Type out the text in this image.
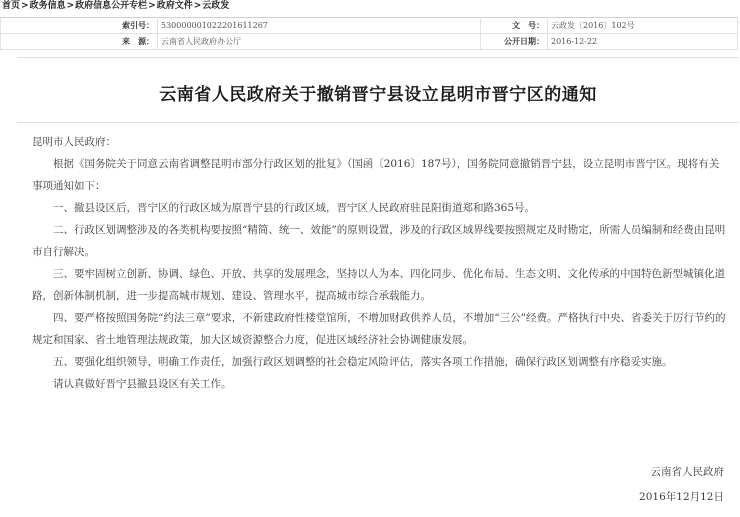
首页>政务信息>政府信息公开专栏>政府文件>云政发
索引号：	530000001022201611267	文　号：	云政发〔2016〕102号
来　源：	云南省人民政府办公厅	公开日期：	2016-12-22
云南省人民政府关于撤销晋宁县设立昆明市晋宁区的通知

昆明市人民政府：

根据《国务院关于同意云南省调整昆明市部分行政区划的批复》（国函〔2016〕187号），国务院同意撤销晋宁县，设立昆明市晋宁区。现将有关事项通知如下：

一、撤县设区后，晋宁区的行政区域为原晋宁县的行政区域，晋宁区人民政府驻昆阳街道郑和路365号。

二、行政区划调整涉及的各类机构要按照“精简、统一、效能”的原则设置，涉及的行政区域界线要按照规定及时勘定，所需人员编制和经费由昆明市自行解决。

三、要牢固树立创新、协调、绿色、开放、共享的发展理念，坚持以人为本、四化同步、优化布局、生态文明、文化传承的中国特色新型城镇化道路，创新体制机制，进一步提高城市规划、建设、管理水平，提高城市综合承载能力。

四、要严格按照国务院“约法三章”要求，不新建政府性楼堂馆所，不增加财政供养人员，不增加“三公”经费。严格执行中央、省委关于厉行节约的规定和国家、省土地管理法规政策，加大区域资源整合力度，促进区域经济社会协调健康发展。

五、要强化组织领导，明确工作责任，加强行政区划调整的社会稳定风险评估，落实各项工作措施，确保行政区划调整有序稳妥实施。

请认真做好晋宁县撤县设区有关工作。

云南省人民政府
2016年12月12日
